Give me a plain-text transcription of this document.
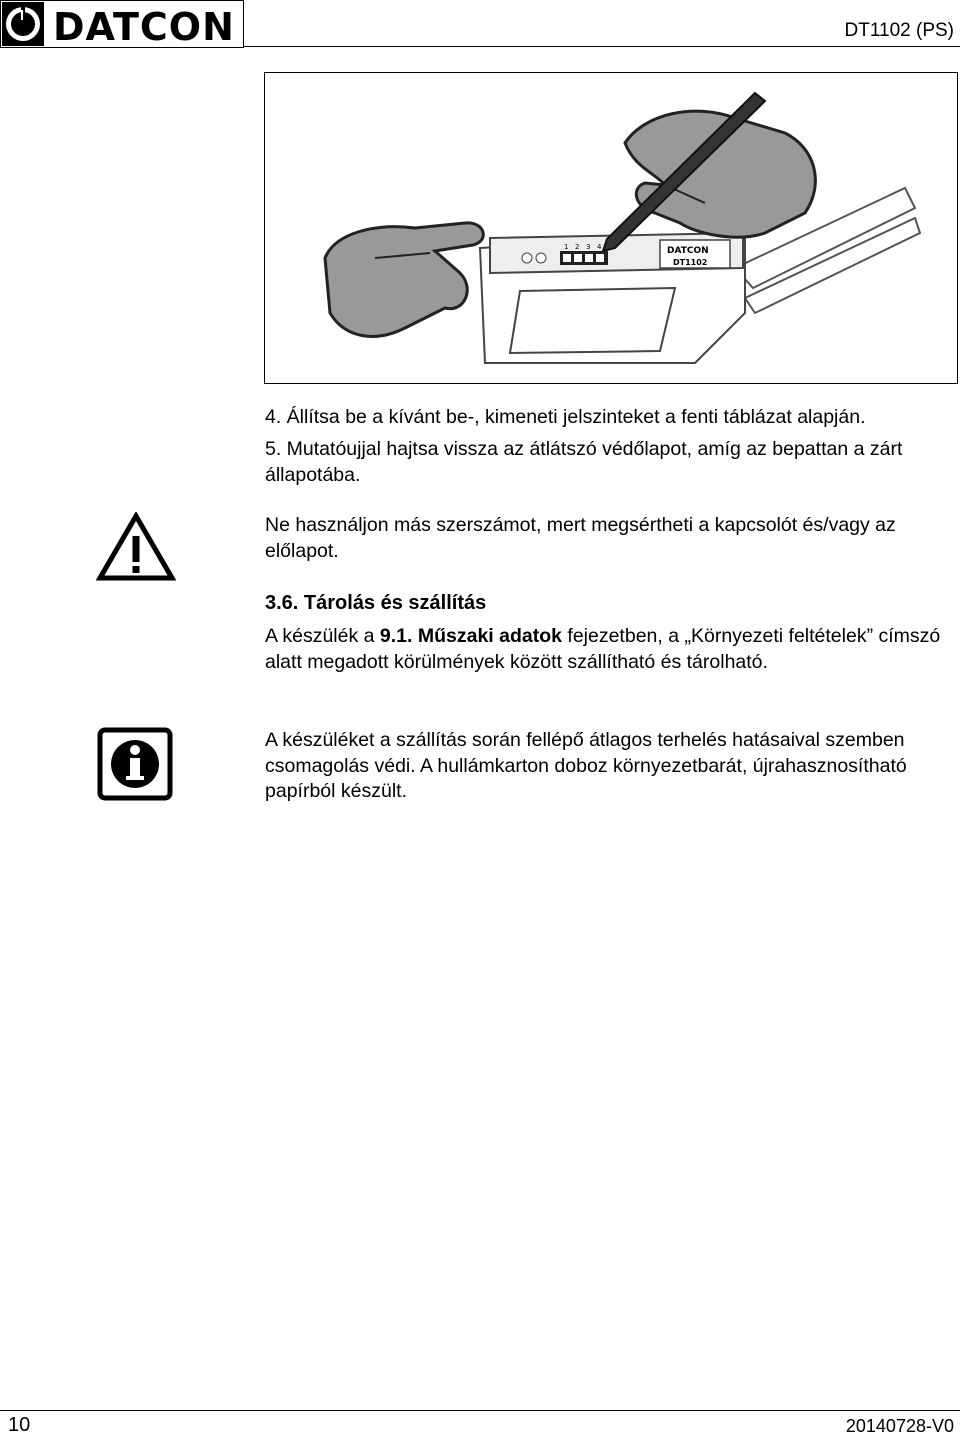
DATCON	DT1102 (PS)
DATCON
DT1102
1 2 3 4
4. Állítsa be a kívánt be-, kimeneti jelszinteket a fenti táblázat alapján.
5. Mutatóujjal hajtsa vissza az átlátszó védőlapot, amíg az bepattan a zárt állapotába.
Ne használjon más szerszámot, mert megsértheti a kapcsolót és/vagy az előlapot.
3.6. Tárolás és szállítás
A készülék a 9.1. Műszaki adatok fejezetben, a „Környezeti feltételek” címszó alatt megadott körülmények között szállítható és tárolható.
A készüléket a szállítás során fellépő átlagos terhelés hatásaival szemben csomagolás védi. A hullámkarton doboz környezetbarát, újrahasznosítható papírból készült.
10	20140728-V0
